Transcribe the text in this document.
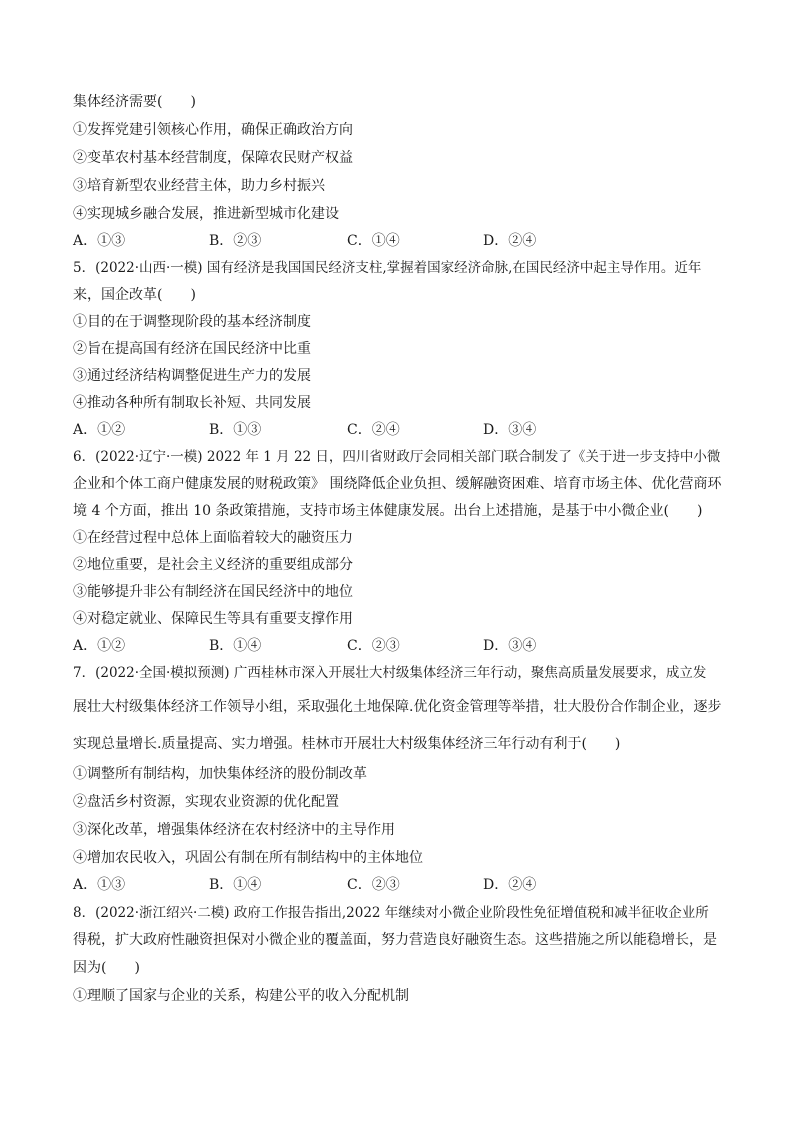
集体经济需要(　　)
①发挥党建引领核心作用，确保正确政治方向
②变革农村基本经营制度，保障农民财产权益
③培育新型农业经营主体，助力乡村振兴
④实现城乡融合发展，推进新型城市化建设
A．①③	B．②③	C．①④	D．②④
5．(2022·山西·一模) 国有经济是我国国民经济支柱,掌握着国家经济命脉,在国民经济中起主导作用。近年
来，国企改革(　　)
①目的在于调整现阶段的基本经济制度
②旨在提高国有经济在国民经济中比重
③通过经济结构调整促进生产力的发展
④推动各种所有制取长补短、共同发展
A．①②	B．①③	C．②④	D．③④
6．(2022·辽宁·一模) 2022 年 1 月 22 日，四川省财政厅会同相关部门联合制发了《关于进一步支持中小微
企业和个体工商户健康发展的财税政策》 围绕降低企业负担、缓解融资困难、培育市场主体、优化营商环
境 4 个方面，推出 10 条政策措施，支持市场主体健康发展。出台上述措施，是基于中小微企业(　　)
①在经营过程中总体上面临着较大的融资压力
②地位重要，是社会主义经济的重要组成部分
③能够提升非公有制经济在国民经济中的地位
④对稳定就业、保障民生等具有重要支撑作用
A．①②	B．①④	C．②③	D．③④
7．(2022·全国·模拟预测) 广西桂林市深入开展壮大村级集体经济三年行动，聚焦高质量发展要求，成立发
展壮大村级集体经济工作领导小组，采取强化土地保障.优化资金管理等举措，壮大股份合作制企业，逐步
实现总量增长.质量提高、实力增强。桂林市开展壮大村级集体经济三年行动有利于(　　)
①调整所有制结构，加快集体经济的股份制改革
②盘活乡村资源，实现农业资源的优化配置
③深化改革，增强集体经济在农村经济中的主导作用
④增加农民收入，巩固公有制在所有制结构中的主体地位
A．①③	B．①④	C．②③	D．②④
8．(2022·浙江绍兴·二模) 政府工作报告指出,2022 年继续对小微企业阶段性免征增值税和减半征收企业所
得税，扩大政府性融资担保对小微企业的覆盖面，努力营造良好融资生态。这些措施之所以能稳增长，是
因为(　　)
①理顺了国家与企业的关系，构建公平的收入分配机制
